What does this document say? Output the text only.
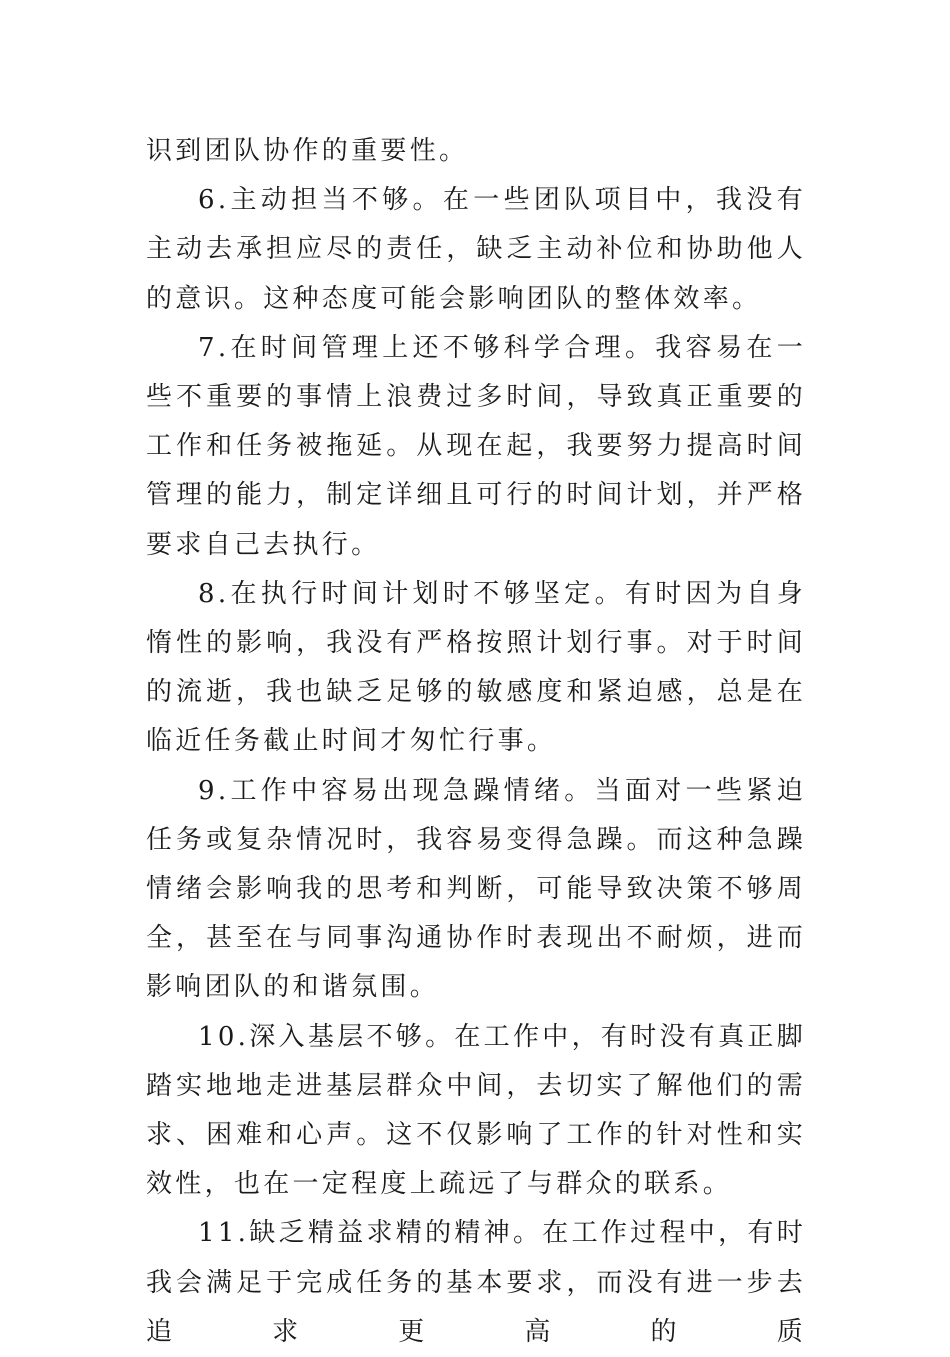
识到团队协作的重要性。

6.主动担当不够。在一些团队项目中，我没有主动去承担应尽的责任，缺乏主动补位和协助他人的意识。这种态度可能会影响团队的整体效率。

7.在时间管理上还不够科学合理。我容易在一些不重要的事情上浪费过多时间，导致真正重要的工作和任务被拖延。从现在起，我要努力提高时间管理的能力，制定详细且可行的时间计划，并严格要求自己去执行。

8.在执行时间计划时不够坚定。有时因为自身惰性的影响，我没有严格按照计划行事。对于时间的流逝，我也缺乏足够的敏感度和紧迫感，总是在临近任务截止时间才匆忙行事。

9.工作中容易出现急躁情绪。当面对一些紧迫任务或复杂情况时，我容易变得急躁。而这种急躁情绪会影响我的思考和判断，可能导致决策不够周全，甚至在与同事沟通协作时表现出不耐烦，进而影响团队的和谐氛围。

10.深入基层不够。在工作中，有时没有真正脚踏实地地走进基层群众中间，去切实了解他们的需求、困难和心声。这不仅影响了工作的针对性和实效性，也在一定程度上疏远了与群众的联系。

11.缺乏精益求精的精神。在工作过程中，有时我会满足于完成任务的基本要求，而没有进一步去追求更高的质
